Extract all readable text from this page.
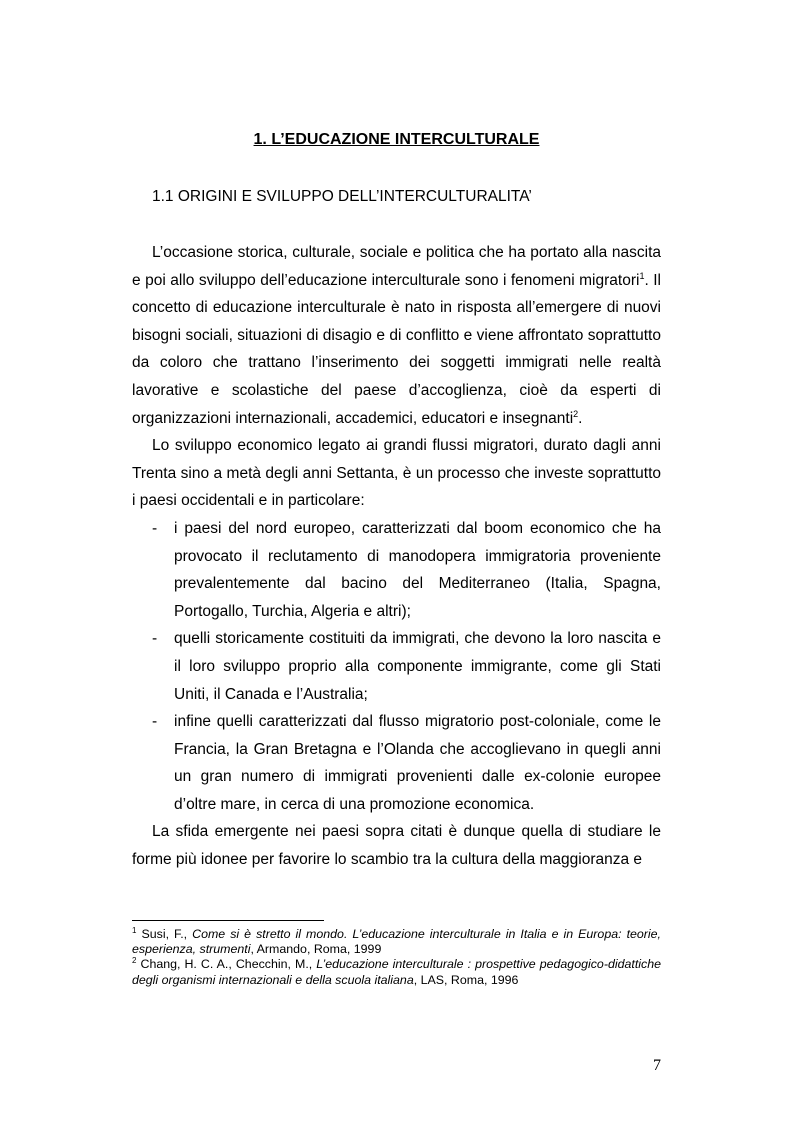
1. L’EDUCAZIONE INTERCULTURALE
1.1 ORIGINI E SVILUPPO DELL’INTERCULTURALITA’

L’occasione storica, culturale, sociale e politica che ha portato alla nascita e poi allo sviluppo dell’educazione interculturale sono i fenomeni migratori$^1$. Il concetto di educazione interculturale è nato in risposta all’emergere di nuovi bisogni sociali, situazioni di disagio e di conflitto e viene affrontato soprattutto da coloro che trattano l’inserimento dei soggetti immigrati nelle realtà lavorative e scolastiche del paese d’accoglienza, cioè da esperti di organizzazioni internazionali, accademici, educatori e insegnanti$^2$.

Lo sviluppo economico legato ai grandi flussi migratori, durato dagli anni Trenta sino a metà degli anni Settanta, è un processo che investe soprattutto i paesi occidentali e in particolare:

- i paesi del nord europeo, caratterizzati dal boom economico che ha provocato il reclutamento di manodopera immigratoria proveniente prevalentemente dal bacino del Mediterraneo (Italia, Spagna, Portogallo, Turchia, Algeria e altri);
- quelli storicamente costituiti da immigrati, che devono la loro nascita e il loro sviluppo proprio alla componente immigrante, come gli Stati Uniti, il Canada e l’Australia;
- infine quelli caratterizzati dal flusso migratorio post-coloniale, come le Francia, la Gran Bretagna e l’Olanda che accoglievano in quegli anni un gran numero di immigrati provenienti dalle ex-colonie europee d’oltre mare, in cerca di una promozione economica.

La sfida emergente nei paesi sopra citati è dunque quella di studiare le forme più idonee per favorire lo scambio tra la cultura della maggioranza e

$^1$ Susi, F., Come si è stretto il mondo. L’educazione interculturale in Italia e in Europa: teorie, esperienza, strumenti, Armando, Roma, 1999

$^2$ Chang, H. C. A., Checchin, M., L’educazione interculturale : prospettive pedagogico-didattiche degli organismi internazionali e della scuola italiana, LAS, Roma, 1996

7
